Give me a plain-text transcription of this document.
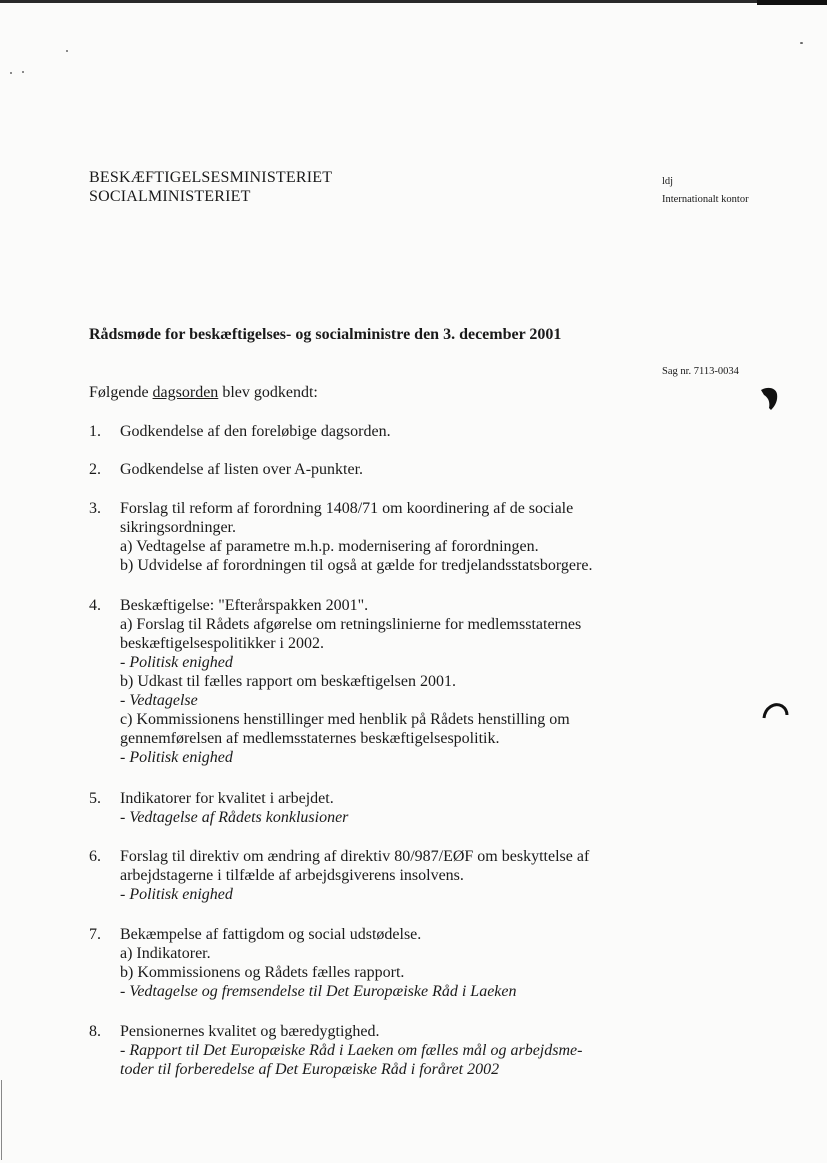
BESKÆFTIGELSESMINISTERIET
SOCIALMINISTERIET
ldj
Internationalt kontor
Sag nr. 7113-0034
Rådsmøde for beskæftigelses- og socialministre den 3. december 2001
Følgende dagsorden blev godkendt:
1. Godkendelse af den foreløbige dagsorden.
2. Godkendelse af listen over A-punkter.
3. Forslag til reform af forordning 1408/71 om koordinering af de sociale
sikringsordninger.
a) Vedtagelse af parametre m.h.p. modernisering af forordningen.
b) Udvidelse af forordningen til også at gælde for tredjelandsstatsborgere.
4. Beskæftigelse: "Efterårspakken 2001".
a) Forslag til Rådets afgørelse om retningslinierne for medlemsstaternes
beskæftigelsespolitikker i 2002.
- Politisk enighed
b) Udkast til fælles rapport om beskæftigelsen 2001.
- Vedtagelse
c) Kommissionens henstillinger med henblik på Rådets henstilling om
gennemførelsen af medlemsstaternes beskæftigelsespolitik.
- Politisk enighed
5. Indikatorer for kvalitet i arbejdet.
- Vedtagelse af Rådets konklusioner
6. Forslag til direktiv om ændring af direktiv 80/987/EØF om beskyttelse af
arbejdstagerne i tilfælde af arbejdsgiverens insolvens.
- Politisk enighed
7. Bekæmpelse af fattigdom og social udstødelse.
a) Indikatorer.
b) Kommissionens og Rådets fælles rapport.
- Vedtagelse og fremsendelse til Det Europæiske Råd i Laeken
8. Pensionernes kvalitet og bæredygtighed.
- Rapport til Det Europæiske Råd i Laeken om fælles mål og arbejdsme-
toder til forberedelse af Det Europæiske Råd i foråret 2002
